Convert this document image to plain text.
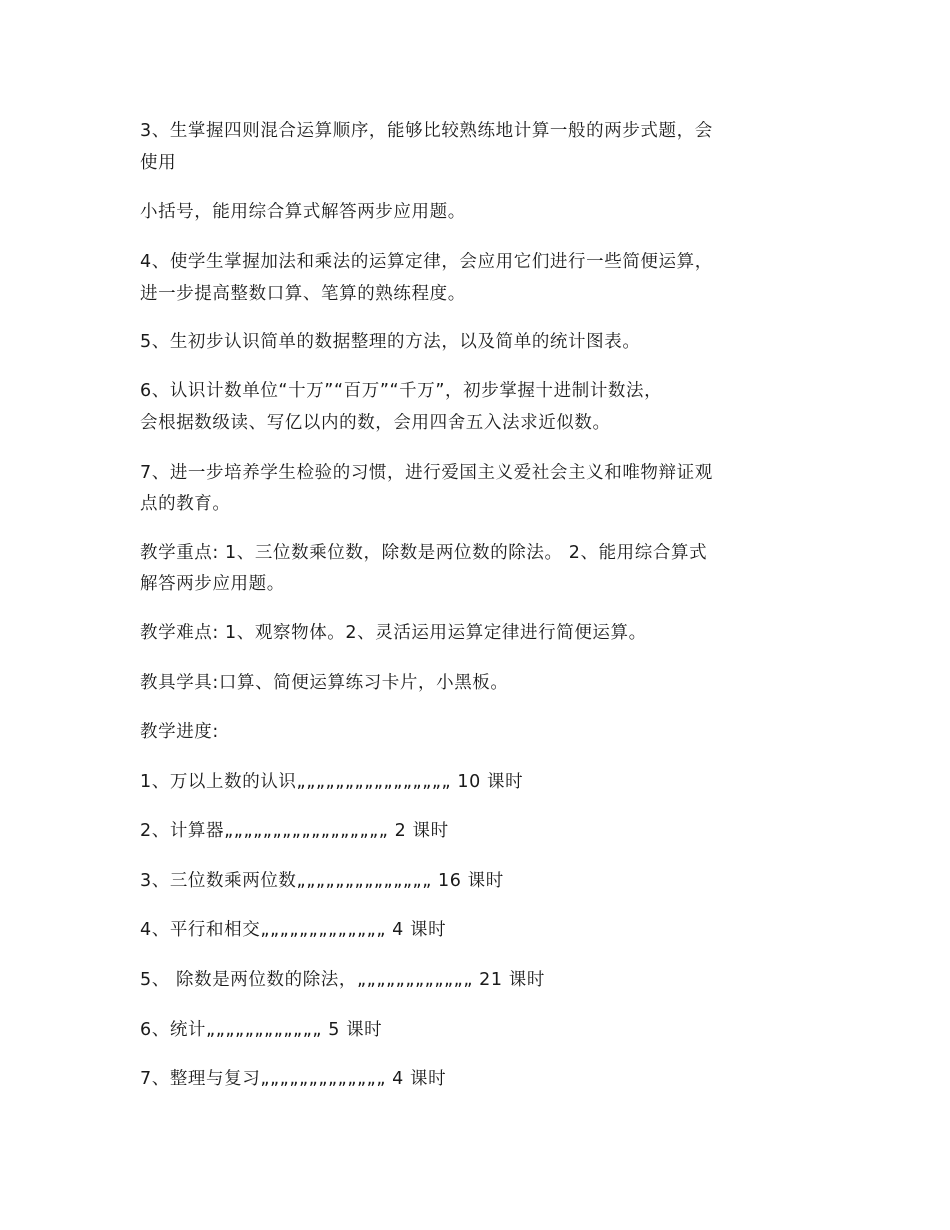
3、生掌握四则混合运算顺序，能够比较熟练地计算一般的两步式题，会

使用

小括号，能用综合算式解答两步应用题。

4、使学生掌握加法和乘法的运算定律，会应用它们进行一些简便运算，

进一步提高整数口算、笔算的熟练程度。

5、生初步认识简单的数据整理的方法，以及简单的统计图表。

6、认识计数单位“十万”“百万”“千万”，初步掌握十进制计数法，

会根据数级读、写亿以内的数，会用四舍五入法求近似数。

7、进一步培养学生检验的习惯，进行爱国主义爱社会主义和唯物辩证观

点的教育。

教学重点: 1、三位数乘位数，除数是两位数的除法。 2、能用综合算式

解答两步应用题。

教学难点: 1、观察物体。2、灵活运用运算定律进行简便运算。

教具学具:口算、简便运算练习卡片，小黑板。

教学进度:

1、万以上数的认识„„„„„„„„„„„„„„„„ 10 课时

2、计算器„„„„„„„„„„„„„„„„„ 2 课时

3、三位数乘两位数„„„„„„„„„„„„„„ 16 课时

4、平行和相交„„„„„„„„„„„„„ 4 课时

5、 除数是两位数的除法，„„„„„„„„„„„„ 21 课时

6、统计„„„„„„„„„„„„ 5 课时

7、整理与复习„„„„„„„„„„„„„ 4 课时
